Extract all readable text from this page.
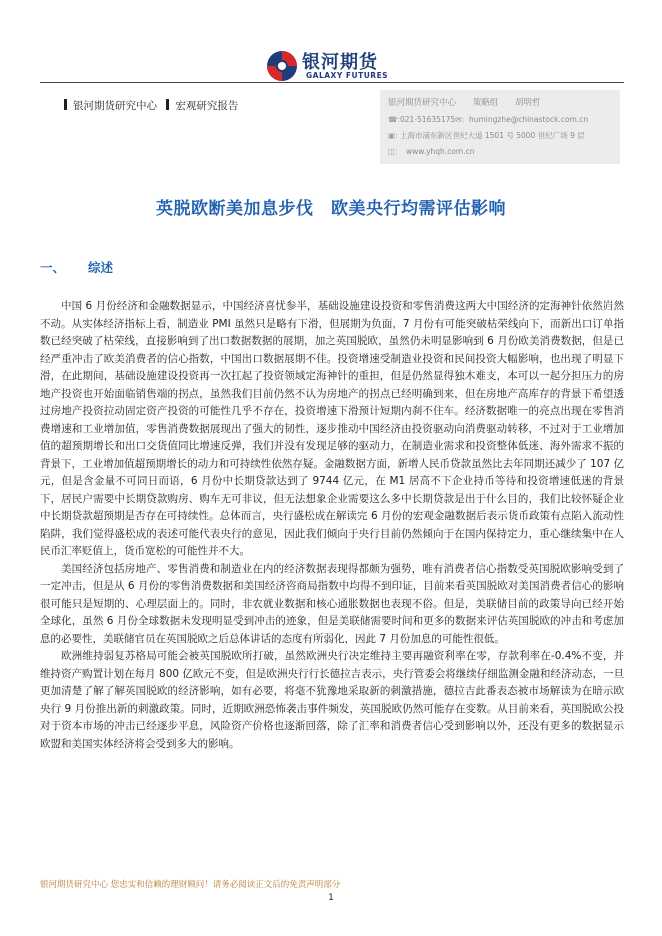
银河期货
GALAXY FUTURES
银河期货研究中心 宏观研究报告	银河期货研究中心 策略组 胡明哲
☎:021-51635175✉：humingzhe@chinastock.com.cn
▣: 上海市浦东新区世纪大道 1501 号 5000 世纪广场 9 层
◫: www.yhqh.com.cn
英脱欧断美加息步伐　欧美央行均需评估影响
一、 综述

中国 6 月份经济和金融数据显示，中国经济喜忧参半，基础设施建设投资和零售消费这两大中国经济的定海神针依然岿然不动。从实体经济指标上看，制造业 PMI 虽然只是略有下滑，但展期为负面，7 月份有可能突破枯荣线向下，而新出口订单指数已经突破了枯荣线，直接影响到了出口数据数据的展期，加之英国脱欧，虽然仍未明显影响到 6 月份欧美消费数据，但是已经严重冲击了欧美消费者的信心指数，中国出口数据展期不佳。投资增速受制造业投资和民间投资大幅影响，也出现了明显下滑，在此期间，基础设施建设投资再一次扛起了投资领域定海神针的重担，但是仍然显得独木难支，本可以一起分担压力的房地产投资也开始面临销售端的拐点，虽然我们目前仍然不认为房地产的拐点已经明确到来，但在房地产高库存的背景下希望透过房地产投资拉动固定资产投资的可能性几乎不存在，投资增速下滑预计短期内刹不住车。经济数据唯一的亮点出现在零售消费增速和工业增加值，零售消费数据展现出了强大的韧性，逐步推动中国经济由投资驱动向消费驱动转移，不过对于工业增加值的超预期增长和出口交货值同比增速反弹，我们并没有发现足够的驱动力，在制造业需求和投资整体低迷、海外需求不振的背景下，工业增加值超预期增长的动力和可持续性依然存疑。金融数据方面，新增人民币贷款虽然比去年同期还减少了 107 亿元，但是含金量不可同日而语，6 月份中长期贷款达到了 9744 亿元，在 M1 居高不下企业持币等待和投资增速低迷的背景下，居民户需要中长期贷款购房、购车无可非议，但无法想象企业需要这么多中长期贷款是出于什么目的，我们比较怀疑企业中长期贷款超预期是否存在可持续性。总体而言，央行盛松成在解读完 6 月份的宏观金融数据后表示货币政策有点陷入流动性陷阱，我们觉得盛松成的表述可能代表央行的意见，因此我们倾向于央行目前仍然倾向于在国内保持定力，重心继续集中在人民币汇率贬值上，货币宽松的可能性并不大。

美国经济包括房地产、零售消费和制造业在内的经济数据表现得都颇为强势，唯有消费者信心指数受英国脱欧影响受到了一定冲击，但是从 6 月份的零售消费数据和美国经济咨商局指数中均得不到印证，目前来看英国脱欧对美国消费者信心的影响很可能只是短期的、心理层面上的。同时，非农就业数据和核心通胀数据也表现不俗。但是，美联储目前的政策导向已经开始全球化，虽然 6 月份全球数据未发现明显受到冲击的迹象，但是美联储需要时间和更多的数据来评估英国脱欧的冲击和考虑加息的必要性，美联储官员在英国脱欧之后总体讲话的态度有所弱化，因此 7 月份加息的可能性很低。

欧洲维持弱复苏格局可能会被英国脱欧所打破，虽然欧洲央行决定维持主要再融资利率在零，存款利率在-0.4%不变，并维持资产购置计划在每月 800 亿欧元不变，但是欧洲央行行长德拉吉表示，央行管委会将继续仔细监测金融和经济动态，一旦更加清楚了解了解英国脱欧的经济影响，如有必要，将毫不犹豫地采取新的刺激措施，德拉吉此番表态被市场解读为在暗示欧央行 9 月份推出新的刺激政策。同时，近期欧洲恐怖袭击事件频发，英国脱欧仍然可能存在变数。从目前来看，英国脱欧公投对于资本市场的冲击已经逐步平息，风险资产价格也逐渐回落，除了汇率和消费者信心受到影响以外，还没有更多的数据显示欧盟和美国实体经济将会受到多大的影响。

银河期货研究中心 您忠实和信赖的理财顾问！请务必阅读正文后的免责声明部分
1
